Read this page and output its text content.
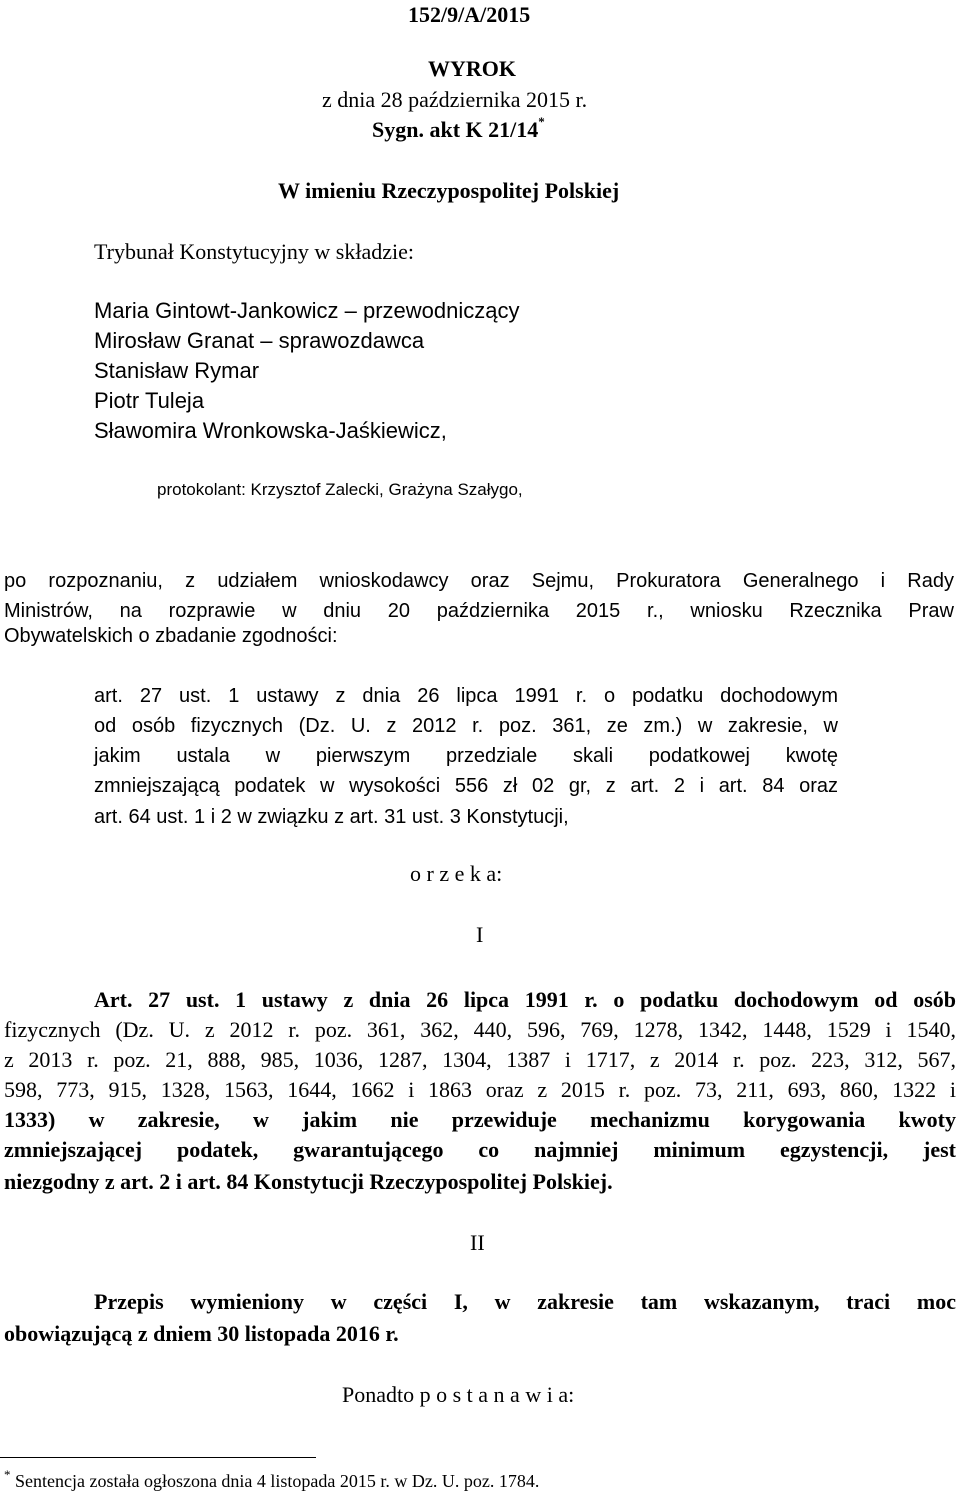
152/9/A/2015
WYROK
z dnia 28 października 2015 r.
Sygn. akt K 21/14*
W imieniu Rzeczypospolitej Polskiej
Trybunał Konstytucyjny w składzie:
Maria Gintowt-Jankowicz – przewodniczący
Mirosław Granat – sprawozdawca
Stanisław Rymar
Piotr Tuleja
Sławomira Wronkowska-Jaśkiewicz,
protokolant: Krzysztof Zalecki, Grażyna Szałygo,
po rozpoznaniu, z udziałem wnioskodawcy oraz Sejmu, Prokuratora Generalnego i Rady
Ministrów, na rozprawie w dniu 20 października 2015 r., wniosku Rzecznika Praw
Obywatelskich o zbadanie zgodności:
art. 27 ust. 1 ustawy z dnia 26 lipca 1991 r. o podatku dochodowym
od osób fizycznych (Dz. U. z 2012 r. poz. 361, ze zm.) w zakresie, w
jakim ustala w pierwszym przedziale skali podatkowej kwotę
zmniejszającą podatek w wysokości 556 zł 02 gr, z art. 2 i art. 84 oraz
art. 64 ust. 1 i 2 w związku z art. 31 ust. 3 Konstytucji,
o r z e k a:
I
Art. 27 ust. 1 ustawy z dnia 26 lipca 1991 r. o podatku dochodowym od osób
fizycznych (Dz. U. z 2012 r. poz. 361, 362, 440, 596, 769, 1278, 1342, 1448, 1529 i 1540,
z 2013 r. poz. 21, 888, 985, 1036, 1287, 1304, 1387 i 1717, z 2014 r. poz. 223, 312, 567,
598, 773, 915, 1328, 1563, 1644, 1662 i 1863 oraz z 2015 r. poz. 73, 211, 693, 860, 1322 i
1333) w zakresie, w jakim nie przewiduje mechanizmu korygowania kwoty
zmniejszającej podatek, gwarantującego co najmniej minimum egzystencji, jest
niezgodny z art. 2 i art. 84 Konstytucji Rzeczypospolitej Polskiej.
II
Przepis wymieniony w części I, w zakresie tam wskazanym, traci moc
obowiązującą z dniem 30 listopada 2016 r.
Ponadto p o s t a n a w i a:
* Sentencja została ogłoszona dnia 4 listopada 2015 r. w Dz. U. poz. 1784.
